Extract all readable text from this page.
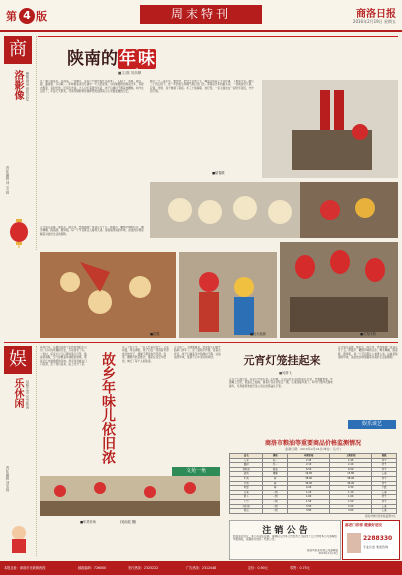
第 4 版	周末特刊	商洛日报
2016年2月19日 星期五
商
洛影像 聚焦商洛 留住记忆
责任编辑 刘 宝 琼
陕南的年 味
■文/图 刘高攀
过了腊八就是年，在商洛，一到腊月，家家户户就开始忙活起来了，扫房子、蒸馍、做豆腐、灌香肠、写对联……年味就在这些忙碌中一天天浓起来。小时候最盼的就是过年，有新衣服穿，有好吃的，还有压岁钱。大人们忙着置办年货，孩子们满村子跑着放鞭炮。如今生活好了，年货天天都有，可那份期盼和热闹却依然是陕南人心中最温暖的记忆。
腊月二十三是小年，要祭灶，把灶王爷送上天，嘴里念叨着上天言好事，下界保平安。腊月二十四扫房子，把一年的灰尘和晦气都扫出门去。蒸馍是过年的重头戏，一蒸就是好几锅，花馍、枣馍、包子堆满了案板。年三十贴春联、挂灯笼，一家人围坐在一起吃年夜饭，守岁到天明。
正月里走亲戚、看社火、闹元宵，热热闹闹一直到正月十五。锣鼓声、鞭炮声响彻山乡，舞龙舞狮、踩高跷、跑旱船，每一个节目都让人看得入迷。这就是陕南的年味，浓浓的乡情里藏着对美好生活的期盼。
■贴春联
■花馍	■社火表演	■元宵庆典
娱
乐休闲 品味生活 乐享休闲
责任编辑 刘宝琼
每到过年，总要回到那个生我养我的小山村。村口的老槐树还在，只是更老了些。一进村，家家户户门口都挂着红灯笼，贴着新春联，空气里飘着炸油糕的香味，那是记忆中最熟悉的年味。母亲早早就在门口张望，见了我们回来，脸上笑开了花。 故乡年味儿依旧浓
年三十的下午，一家人忙着包饺子，父亲和面，母亲调馅，孩子们在一旁捏着奇形怪状的饺子，满屋子都是欢声笑语。夜里，鞭炮声此起彼伏，烟花在夜空中绽放，映红了每个人的脸庞。
正月初一，天刚蒙蒙亮，村里的人们就开始串门拜年了。见了面拱手作揖，说着吉祥话，孩子们揣着压岁钱满村子跑。这浓浓的年味，是游子心中永远的牵挂。
文苑一角
■年货市场	(吴雨辰 摄)
元宵灯笼挂起来
■何静飞
正月十五闹元宵，家家户户挂灯笼。小时候，父亲总会亲手给我们扎灯笼，竹篾做骨架，外面糊上红纸，里面点上蜡烛，提着灯笼在村里走一圈，心里别提多美了。如今灯笼样式越来越多，可我最喜欢的还是父亲扎的那盏红灯笼。
正月里走亲戚、看社火、闹元宵，热热闹闹一直到正月十五。锣鼓声、鞭炮声响彻山乡，舞龙舞狮、踩高跷、跑旱船，每一个节目都让人看得入迷。这就是陕南的年味，浓浓的乡情里藏着对美好生活的期盼。
娱乐谈艺
商洛市粮油等重要商品价格监测情况
监测日期：2016年2月24日(单位：元/斤)
品名	规格	本期价格	上期价格	涨跌
大米	标一	2.45	2.45	持平
面粉	特一	2.10	2.10	持平
菜籽油	散装	6.50	6.50	持平
猪肉	精瘦	16.00	15.80	上涨
牛肉	鲜	38.00	38.00	持平
羊肉	鲜	36.00	36.00	持平
鸡蛋	鲜	4.20	4.30	下跌
白菜	一级	1.20	1.10	上涨
萝卜	一级	1.00	1.00	持平
土豆	一级	1.50	1.50	持平
西红柿	一级	3.50	3.20	上涨
黄瓜	一级	3.80	3.60	上涨
商洛市物价局价格监测中心
注 销 公 告
经股东会决议，本公司决定注销，请债权人自本公告发布之日起四十五日内向本公司清算组申报债权，逾期视为放弃。特此公告。
商洛市某某有限公司清算组
2016年2月19日
郝老门诊部 健康好朋友
2288330
专业诊治 欢迎咨询
本报社址：商洛市北新街西段	邮政编码：726000	发行热线：2325222	广告热线：2312448	定价：0.90元	零售：0.75元
